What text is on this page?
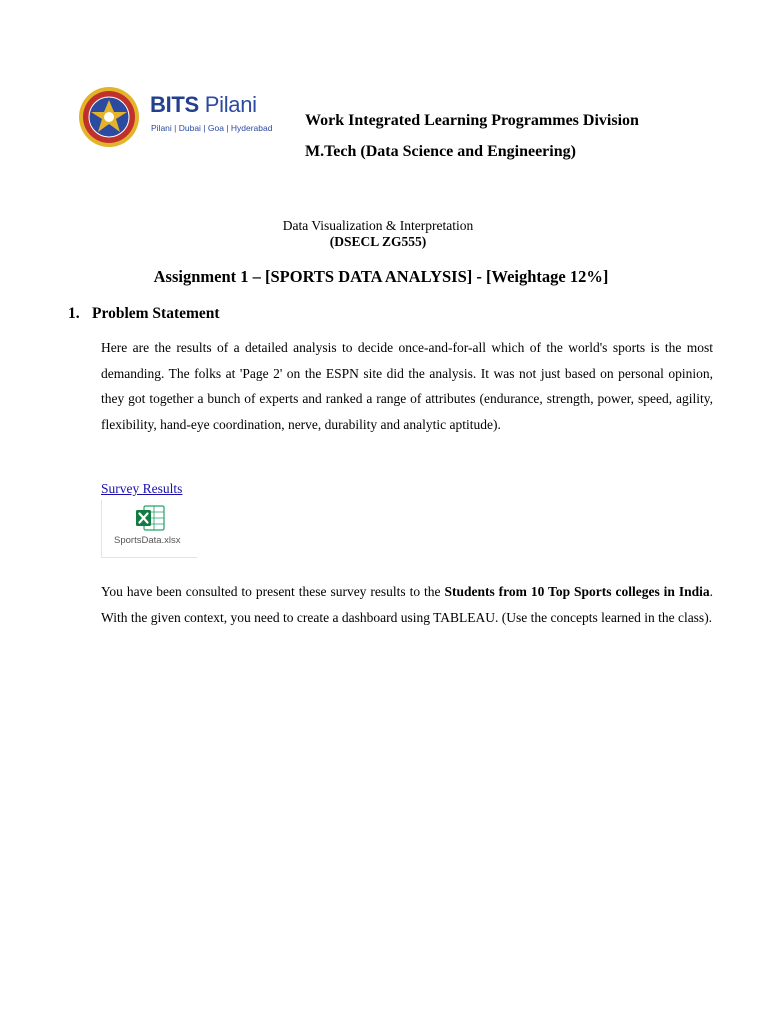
BITS Pilani
Pilani | Dubai | Goa | Hyderabad Work Integrated Learning Programmes Division
M.Tech (Data Science and Engineering)
Data Visualization & Interpretation
(DSECL ZG555)
Assignment 1 – [SPORTS DATA ANALYSIS] - [Weightage 12%]
1. Problem Statement

Here are the results of a detailed analysis to decide once-and-for-all which of the world's sports is the most demanding. The folks at 'Page 2' on the ESPN site did the analysis. It was not just based on personal opinion, they got together a bunch of experts and ranked a range of attributes (endurance, strength, power, speed, agility, flexibility, hand-eye coordination, nerve, durability and analytic aptitude).

Survey Results
SportsData.xlsx

You have been consulted to present these survey results to the Students from 10 Top Sports colleges in India. With the given context, you need to create a dashboard using TABLEAU. (Use the concepts learned in the class).
